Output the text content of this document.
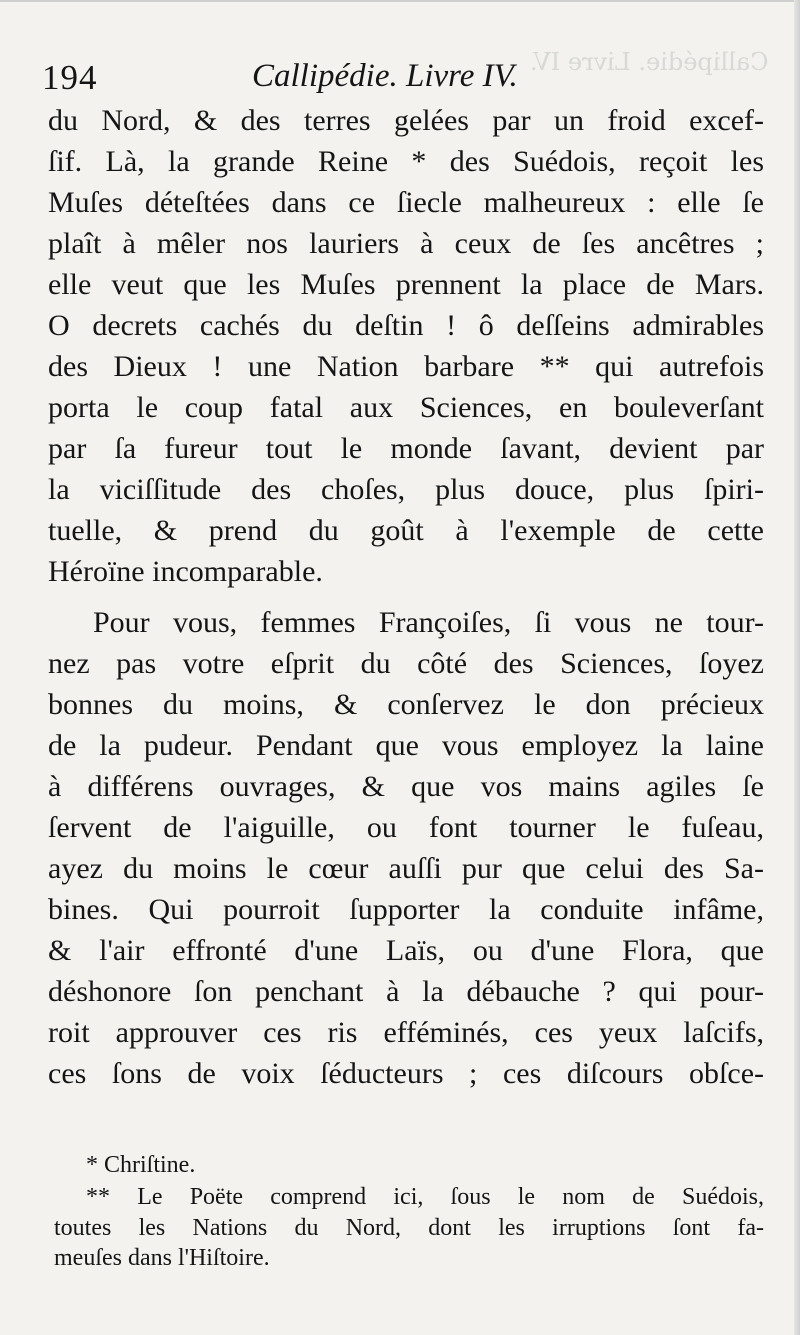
Callipédie. Livre IV.
194	Callipédie. Livre IV.
du Nord, & des terres gelées par un froid excef-
ſif. Là, la grande Reine * des Suédois, reçoit les
Muſes déteſtées dans ce ſiecle malheureux : elle ſe
plaît à mêler nos lauriers à ceux de ſes ancêtres ;
elle veut que les Muſes prennent la place de Mars.
O decrets cachés du deſtin ! ô deſſeins admirables
des Dieux ! une Nation barbare ** qui autrefois
porta le coup fatal aux Sciences, en bouleverſant
par ſa fureur tout le monde ſavant, devient par
la viciſſitude des choſes, plus douce, plus ſpiri-
tuelle, & prend du goût à l'exemple de cette
Héroïne incomparable.
Pour vous, femmes Françoiſes, ſi vous ne tour-
nez pas votre eſprit du côté des Sciences, ſoyez
bonnes du moins, & conſervez le don précieux
de la pudeur. Pendant que vous employez la laine
à différens ouvrages, & que vos mains agiles ſe
ſervent de l'aiguille, ou font tourner le fuſeau,
ayez du moins le cœur auſſi pur que celui des Sa-
bines. Qui pourroit ſupporter la conduite infâme,
& l'air effronté d'une Laïs, ou d'une Flora, que
déshonore ſon penchant à la débauche ? qui pour-
roit approuver ces ris efféminés, ces yeux laſcifs,
ces ſons de voix ſéducteurs ; ces diſcours obſce-
* Chriſtine.
** Le Poëte comprend ici, ſous le nom de Suédois,
toutes les Nations du Nord, dont les irruptions ſont fa-
meuſes dans l'Hiſtoire.
